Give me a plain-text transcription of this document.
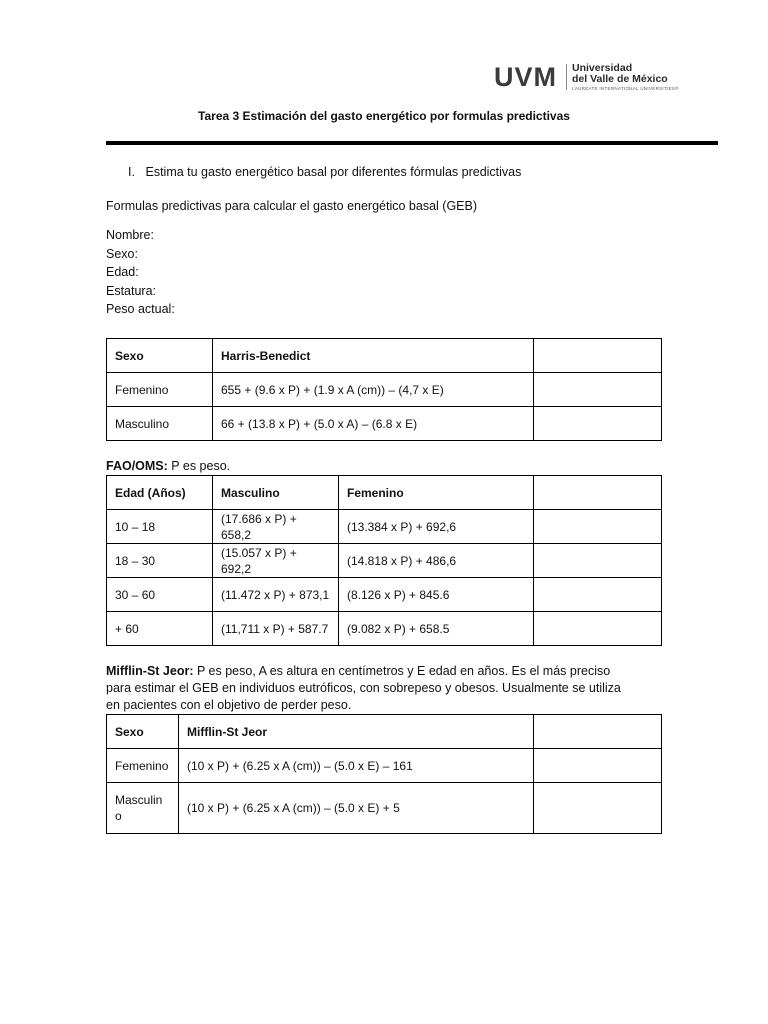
UVM Universidad
del Valle de México
LAUREATE INTERNATIONAL UNIVERSITIES®
Tarea 3 Estimación del gasto energético por formulas predictivas
I. Estima tu gasto energético basal por diferentes fórmulas predictivas
Formulas predictivas para calcular el gasto energético basal (GEB)
Nombre:
Sexo:
Edad:
Estatura:
Peso actual:
Sexo	Harris-Benedict	
Femenino	655 + (9.6 x P) + (1.9 x A (cm)) – (4,7 x E)	
Masculino	66 + (13.8 x P) + (5.0 x A) – (6.8 x E)	
FAO/OMS: P es peso.
Edad (Años)	Masculino	Femenino	
10 – 18	(17.686 x P) + 658,2	(13.384 x P) + 692,6	
18 – 30	(15.057 x P) + 692,2	(14.818 x P) + 486,6	
30 – 60	(11.472 x P) + 873,1	(8.126 x P) + 845.6	
+ 60	(11,711 x P) + 587.7	(9.082 x P) + 658.5	
Mifflin-St Jeor: P es peso, A es altura en centímetros y E edad en años. Es el más preciso para estimar el GEB en individuos eutróficos, con sobrepeso y obesos. Usualmente se utiliza en pacientes con el objetivo de perder peso.
Sexo	Mifflin-St Jeor	
Femenino	(10 x P) + (6.25 x A (cm)) – (5.0 x E) – 161	
Masculin o	(10 x P) + (6.25 x A (cm)) – (5.0 x E) + 5	
